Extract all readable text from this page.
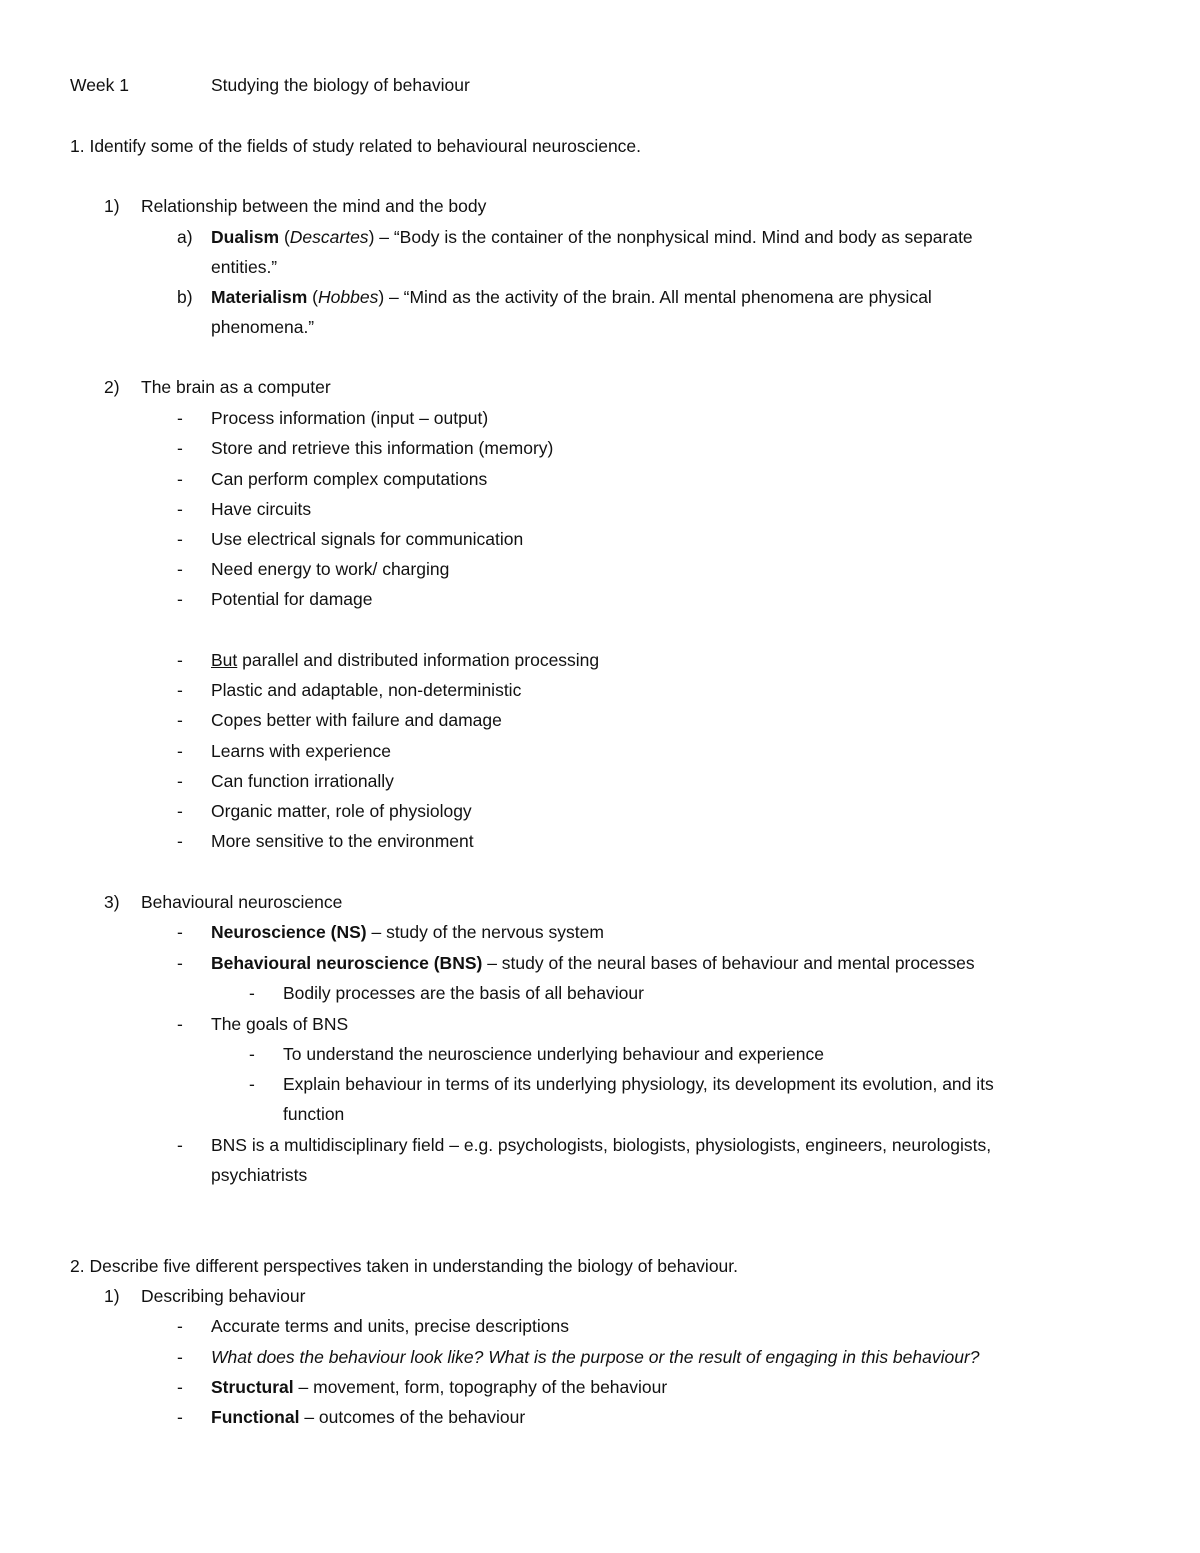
Week 1	Studying the biology of behaviour
1. Identify some of the fields of study related to behavioural neuroscience.
1) Relationship between the mind and the body
a) Dualism (Descartes) – “Body is the container of the nonphysical mind. Mind and body as separate
entities.”
b) Materialism (Hobbes) – “Mind as the activity of the brain. All mental phenomena are physical
phenomena.”
2) The brain as a computer
- Process information (input – output)
- Store and retrieve this information (memory)
- Can perform complex computations
- Have circuits
- Use electrical signals for communication
- Need energy to work/ charging
- Potential for damage
- But parallel and distributed information processing
- Plastic and adaptable, non-deterministic
- Copes better with failure and damage
- Learns with experience
- Can function irrationally
- Organic matter, role of physiology
- More sensitive to the environment
3) Behavioural neuroscience
- Neuroscience (NS) – study of the nervous system
- Behavioural neuroscience (BNS) – study of the neural bases of behaviour and mental processes
- Bodily processes are the basis of all behaviour
- The goals of BNS
- To understand the neuroscience underlying behaviour and experience
- Explain behaviour in terms of its underlying physiology, its development its evolution, and its
function
- BNS is a multidisciplinary field – e.g. psychologists, biologists, physiologists, engineers, neurologists,
psychiatrists
2. Describe five different perspectives taken in understanding the biology of behaviour.
1) Describing behaviour
- Accurate terms and units, precise descriptions
- What does the behaviour look like? What is the purpose or the result of engaging in this behaviour?
- Structural – movement, form, topography of the behaviour
- Functional – outcomes of the behaviour
